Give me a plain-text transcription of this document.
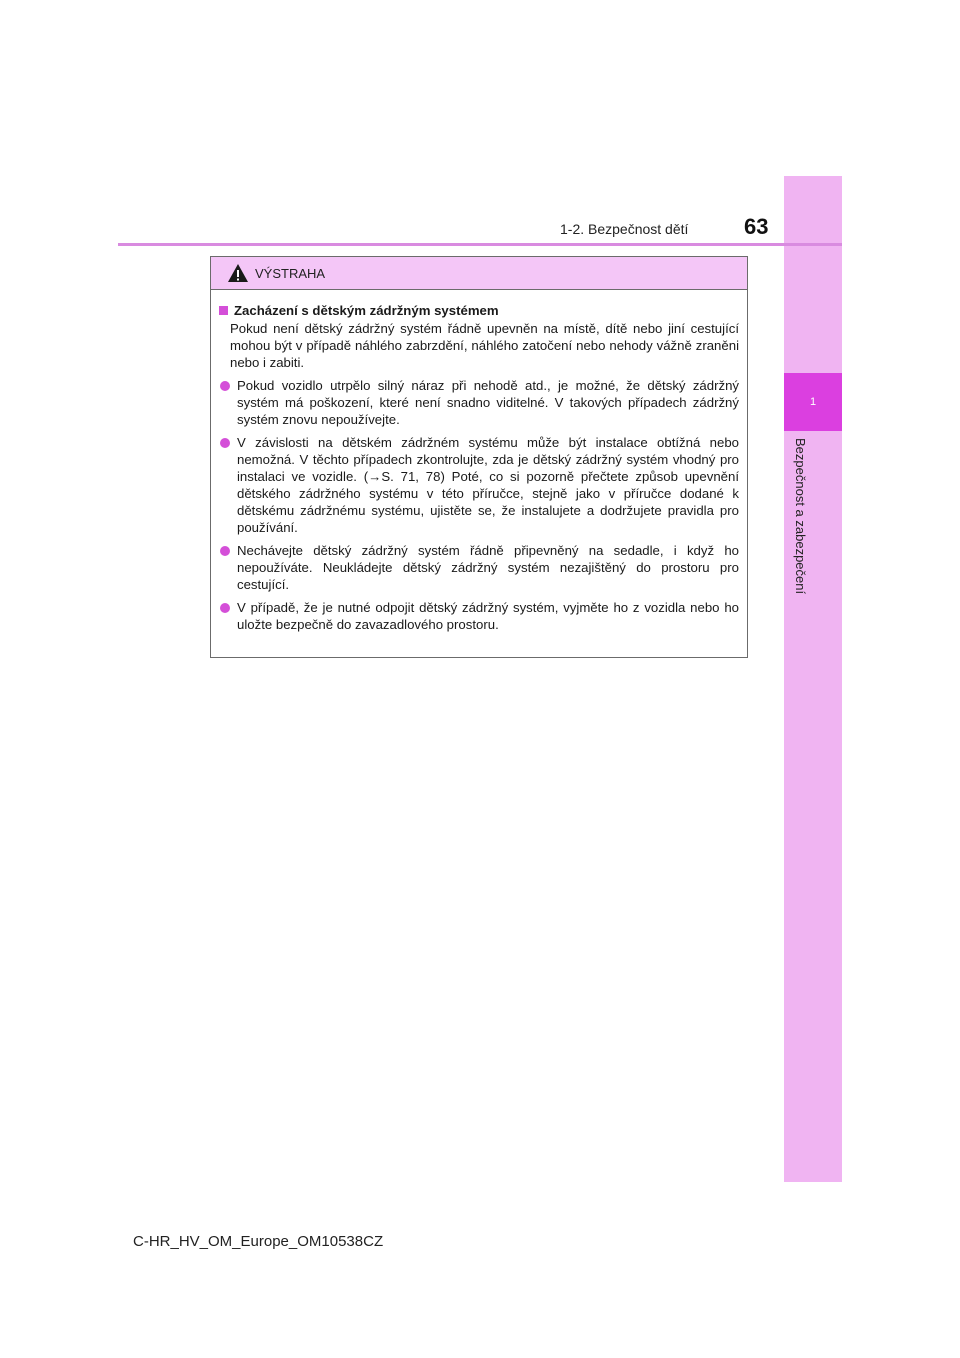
1
Bezpečnost a zabezpečení
1-2. Bezpečnost dětí	63
VÝSTRAHA
Zacházení s dětským zádržným systémem
Pokud není dětský zádržný systém řádně upevněn na místě, dítě nebo jiní cestující mohou být v případě náhlého zabrzdění, náhlého zatočení nebo nehody vážně zraněni nebo i zabiti.

Pokud vozidlo utrpělo silný náraz při nehodě atd., je možné, že dětský zádržný systém má poškození, které není snadno viditelné. V takových případech zádržný systém znovu nepoužívejte.

V závislosti na dětském zádržném systému může být instalace obtížná nebo nemožná. V těchto případech zkontrolujte, zda je dětský zádržný systém vhodný pro instalaci ve vozidle. (→S. 71, 78) Poté, co si pozorně přečtete způsob upevnění dětského zádržného systému v této příručce, stejně jako v příručce dodané k dětskému zádržnému systému, ujistěte se, že instalujete a dodržujete pravidla pro používání.

Nechávejte dětský zádržný systém řádně připevněný na sedadle, i když ho nepoužíváte. Neukládejte dětský zádržný systém nezajištěný do prostoru pro cestující.

V případě, že je nutné odpojit dětský zádržný systém, vyjměte ho z vozidla nebo ho uložte bezpečně do zavazadlového prostoru.

C-HR_HV_OM_Europe_OM10538CZ
